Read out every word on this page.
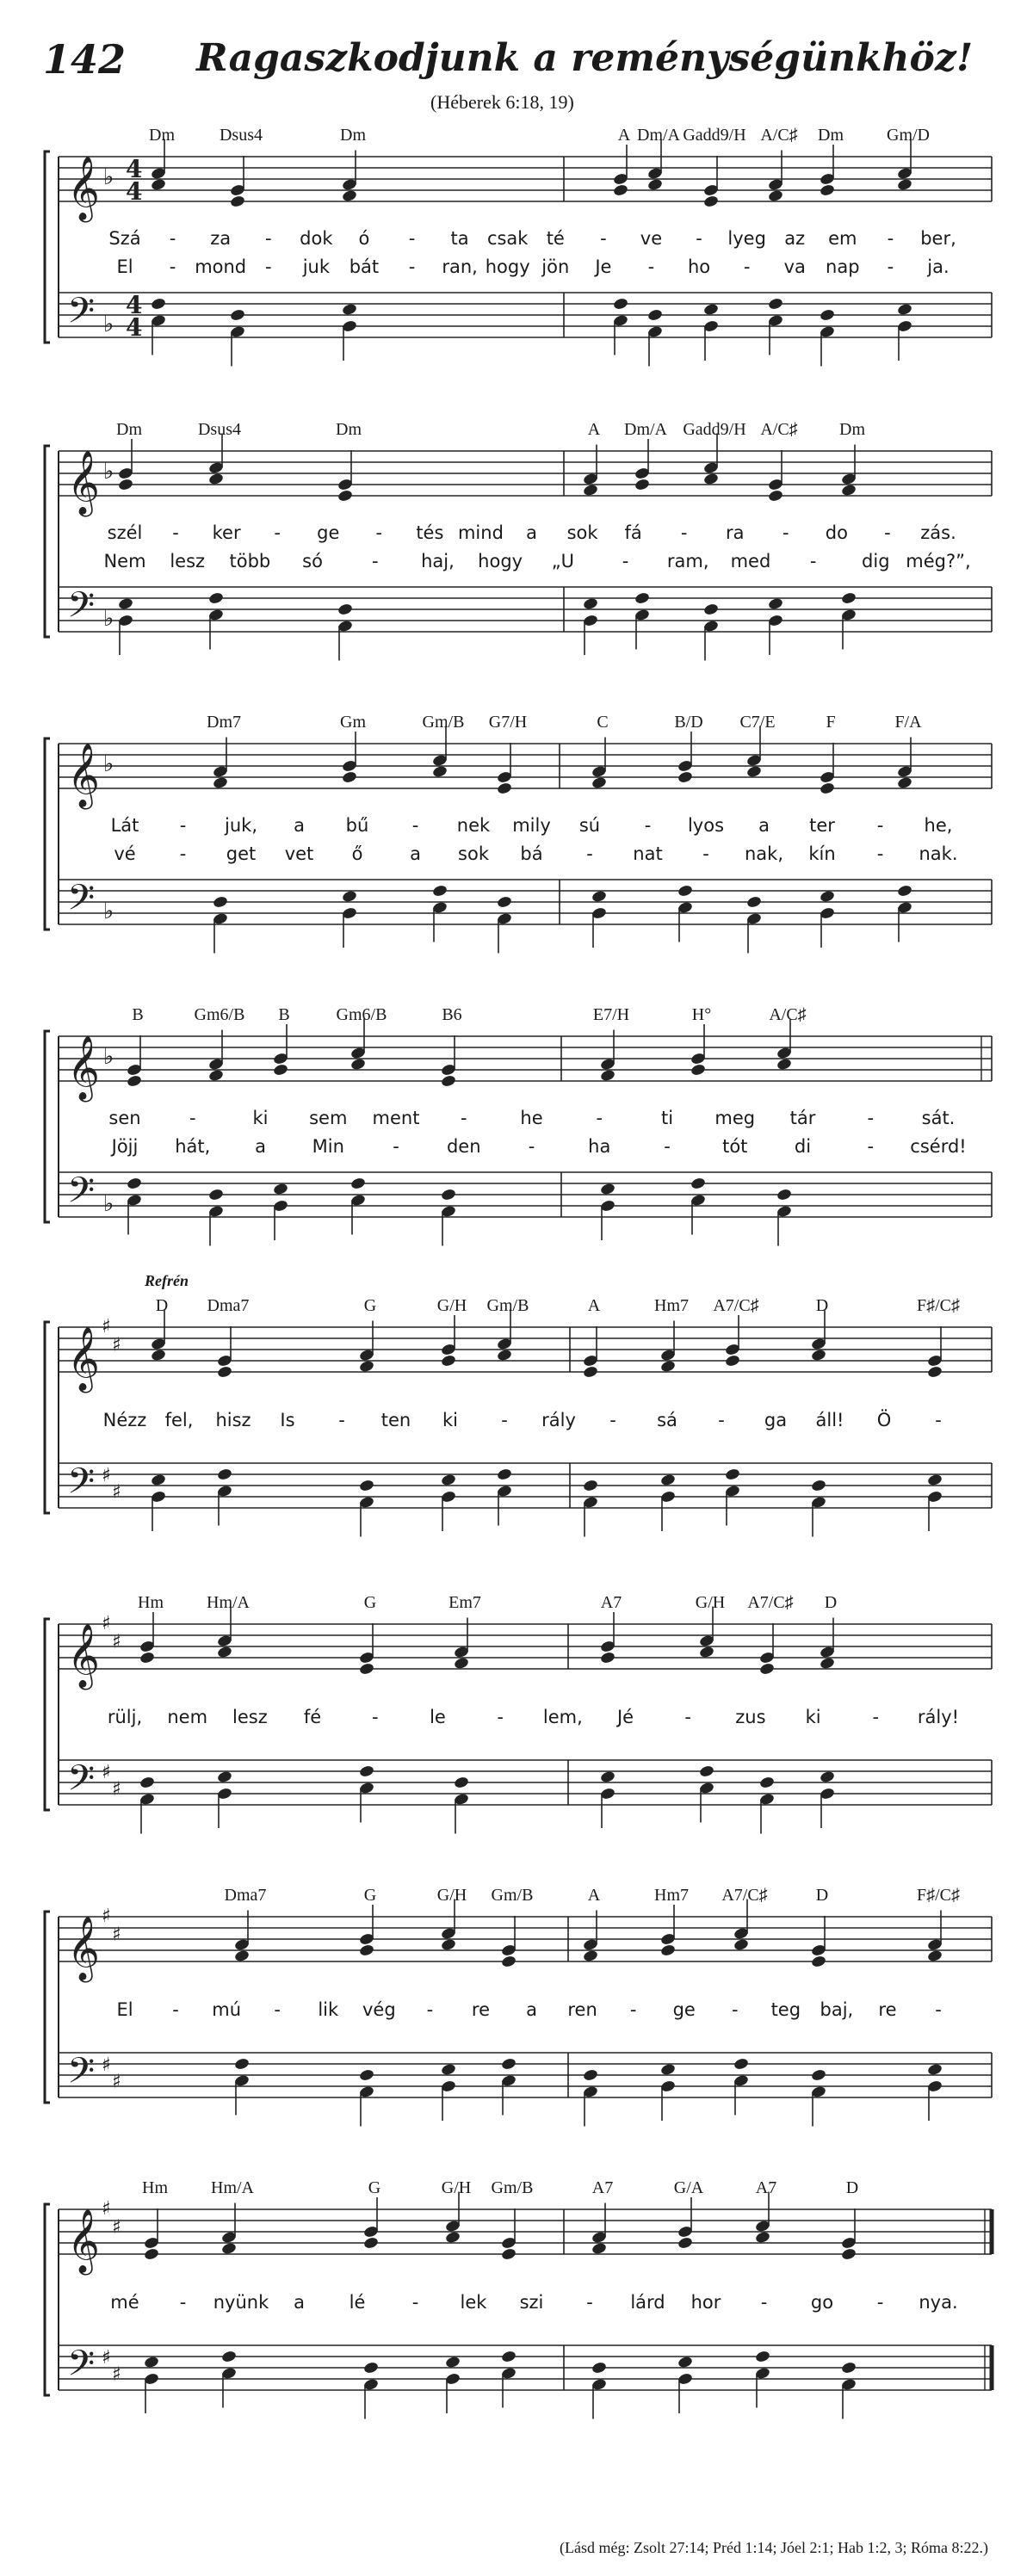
142 Ragaszkodjunk a reménységünkhöz!
(Héberek 6:18, 19)
𝄞
𝄢
♭
♭
4
4
4
4
Dm	Dsus4	Dm	A Dm/A Gadd9/H A/C♯ Dm	Gm/D
Szá - za - dok ó - ta csak té - ve - lyeg az em - ber,
El - mond - juk bát - ran, hogy jön Je - ho - va nap - ja.
𝄞
𝄢
♭
♭
Dm	Dsus4	Dm	A Dm/A Gadd9/H A/C♯ Dm
szél - ker - ge - tés mind a sok fá - ra - do - zás.
Nem lesz több só	- haj, hogy „U	- ram, med -	dig még?”,
𝄞
𝄢
♭
♭
Dm7	Gm	Gm/B G7/H	C	B/D C7/E	F	F/A
Lát - juk, a bű - nek mily sú - lyos a ter - he,
vé - get vet ő	a sok bá - nat - nak, kín - nak.
𝄞
𝄢
♭
♭
B	Gm6/B B	Gm6/B	B6	E7/H	H°	A/C♯
sen	-	ki sem ment -	he	-	ti meg tár	-	sát.
Jöjj hát, a	Min	-	den	-	ha	-	tót	di	- csérd!
𝄞
𝄢
♯
♯
♯
♯
Refrén
D Dma7	G	G/H Gm/B	A	Hm7 A7/C♯	D	F♯/C♯
Nézz fel, hisz Is - ten ki - rály - sá - ga áll! Ö -
𝄞
𝄢
♯
♯
♯
♯
Hm	Hm/A	G	Em7	A7	G/H A7/C♯ D
rülj, nem lesz fé	-	le	- lem, Jé	- zus ki	- rály!
𝄞
𝄢
♯
♯
♯
♯
Dma7	G	G/H Gm/B	A	Hm7 A7/C♯	D	F♯/C♯
El - mú - lik vég - re a ren - ge - teg baj, re -
𝄞
𝄢
♯
♯
♯
♯
Hm	Hm/A	G	G/H Gm/B	A7	G/A	A7	D
mé - nyünk a lé	- lek szi - lárd hor - go - nya.
(Lásd még: Zsolt 27:14; Préd 1:14; Jóel 2:1; Hab 1:2, 3; Róma 8:22.)
